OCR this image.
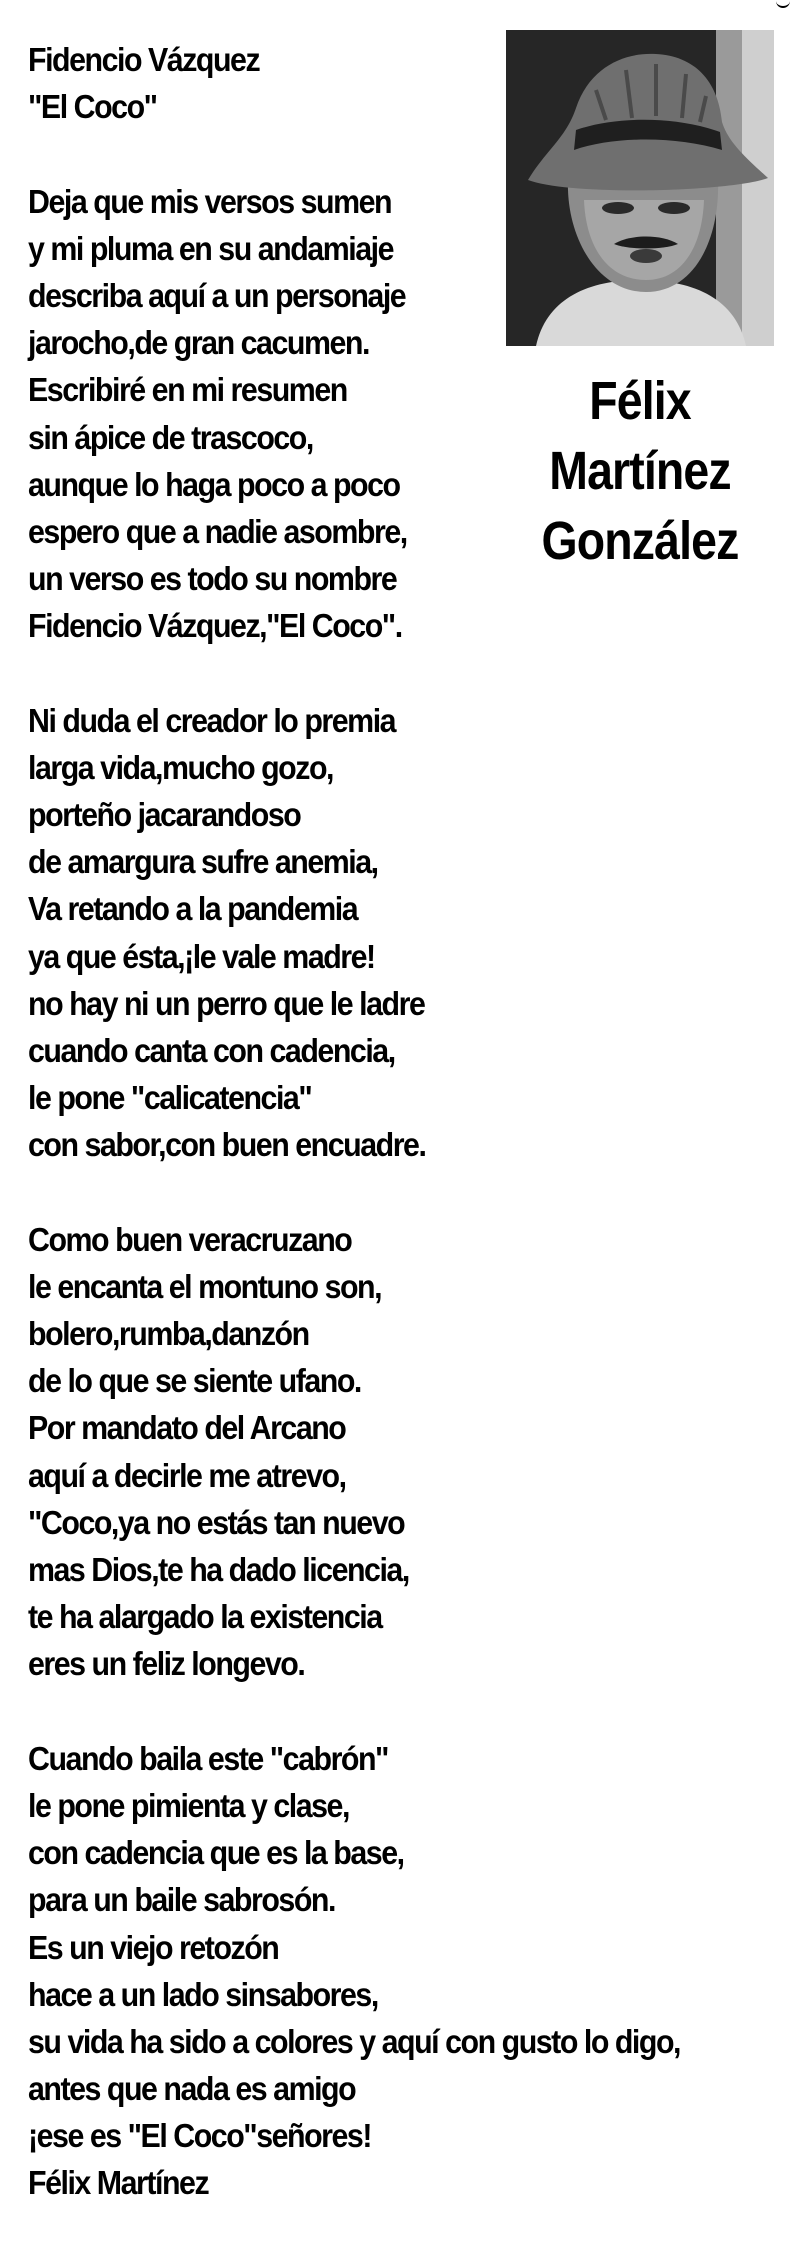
Fidencio Vázquez
"El Coco"
Deja que mis versos sumen
y mi pluma en su andamiaje
describa aquí a un personaje
jarocho,de gran cacumen.
Escribiré en mi resumen
sin ápice de trascoco,
aunque lo haga poco a poco
espero que a nadie asombre,
un verso es todo su nombre
Fidencio Vázquez,"El Coco".
Ni duda el creador lo premia
larga vida,mucho gozo,
porteño jacarandoso
de amargura sufre anemia,
Va retando a la pandemia
ya que ésta,¡le vale madre!
no hay ni un perro que le ladre
cuando canta con cadencia,
le pone "calicatencia"
con sabor,con buen encuadre.
Como buen veracruzano
le encanta el montuno son,
bolero,rumba,danzón
de lo que se siente ufano.
Por mandato del Arcano
aquí a decirle me atrevo,
"Coco,ya no estás tan nuevo
mas Dios,te ha dado licencia,
te ha alargado la existencia
eres un feliz longevo.
Cuando baila este "cabrón"
le pone pimienta y clase,
con cadencia que es la base,
para un baile sabrosón.
Es un viejo retozón
hace a un lado sinsabores,
su vida ha sido a colores y aquí con gusto lo digo,
antes que nada es amigo
¡ese es "El Coco"señores!
Félix Martínez
Félix
Martínez
González
